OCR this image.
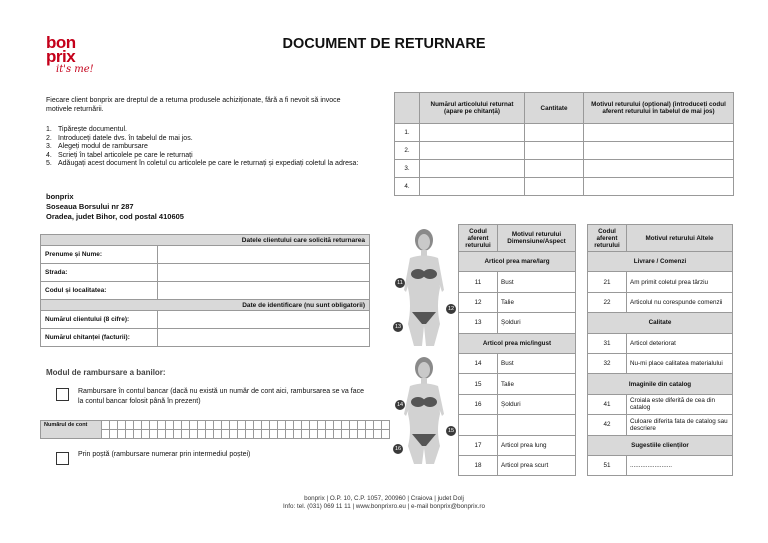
bon
prix
it's me!
DOCUMENT DE RETURNARE
Fiecare client bonprix are dreptul de a returna produsele achiziționate, fără a fi nevoit să invoce motivele returnării.
1. Tipărește documentul.
2. Introduceți datele dvs. în tabelul de mai jos.
3. Alegeți modul de rambursare
4. Scrieți în tabel articolele pe care le returnați
5. Adăugați acest document în coletul cu articolele pe care le returnați și expediați coletul la adresa:
bonprix
Soseaua Borsului nr 287
Oradea, judet Bihor, cod postal 410605
Datele clientului care solicită returnarea	
Prenume și Nume:	
Strada:	
Codul și localitatea:	
Date de identificare (nu sunt obligatorii)	
Numărul clientului (8 cifre):	
Numărul chitanței (facturii):	
Modul de rambursare a banilor:
Rambursare în contul bancar (dacă nu există un număr de cont aici, rambursarea se va face la contul bancar folosit până în prezent)
Numărul de cont																																				

Prin poștă (rambursare numerar prin intermediul poștei)
	Numărul articolului returnat (apare pe chitanță)	Cantitate	Motivul returului (opțional) (introduceți codul aferent returului în tabelul de mai jos)
1.			
2.			
3.			
4.			
11
12
13
14
15
16
Codul aferent returului	Motivul returului Dimensiune/Aspect
Articol prea mare/larg	
11	Bust
12	Talie
13	Șolduri
Articol prea mic/îngust	
14	Bust
15	Talie
16	Șolduri

17	Articol prea lung
18	Articol prea scurt
Codul aferent returului	Motivul returului Altele
Livrare / Comenzi	
21	Am primit coletul prea târziu
22	Articolul nu corespunde comenzii
Calitate	
31	Articol deteriorat
32	Nu-mi place calitatea materialului
Imaginile din catalog	
41	Croiala este diferită de cea din catalog
42	Culoare diferita fata de catalog sau descriere
Sugestiile clienților	
51	........................
bonprix | O.P. 10, C.P. 1057, 200960 | Craiova | judet Dolj
Info: tel. (031) 069 11 11 | www.bonprixro.eu | e-mail bonprix@bonprix.ro
